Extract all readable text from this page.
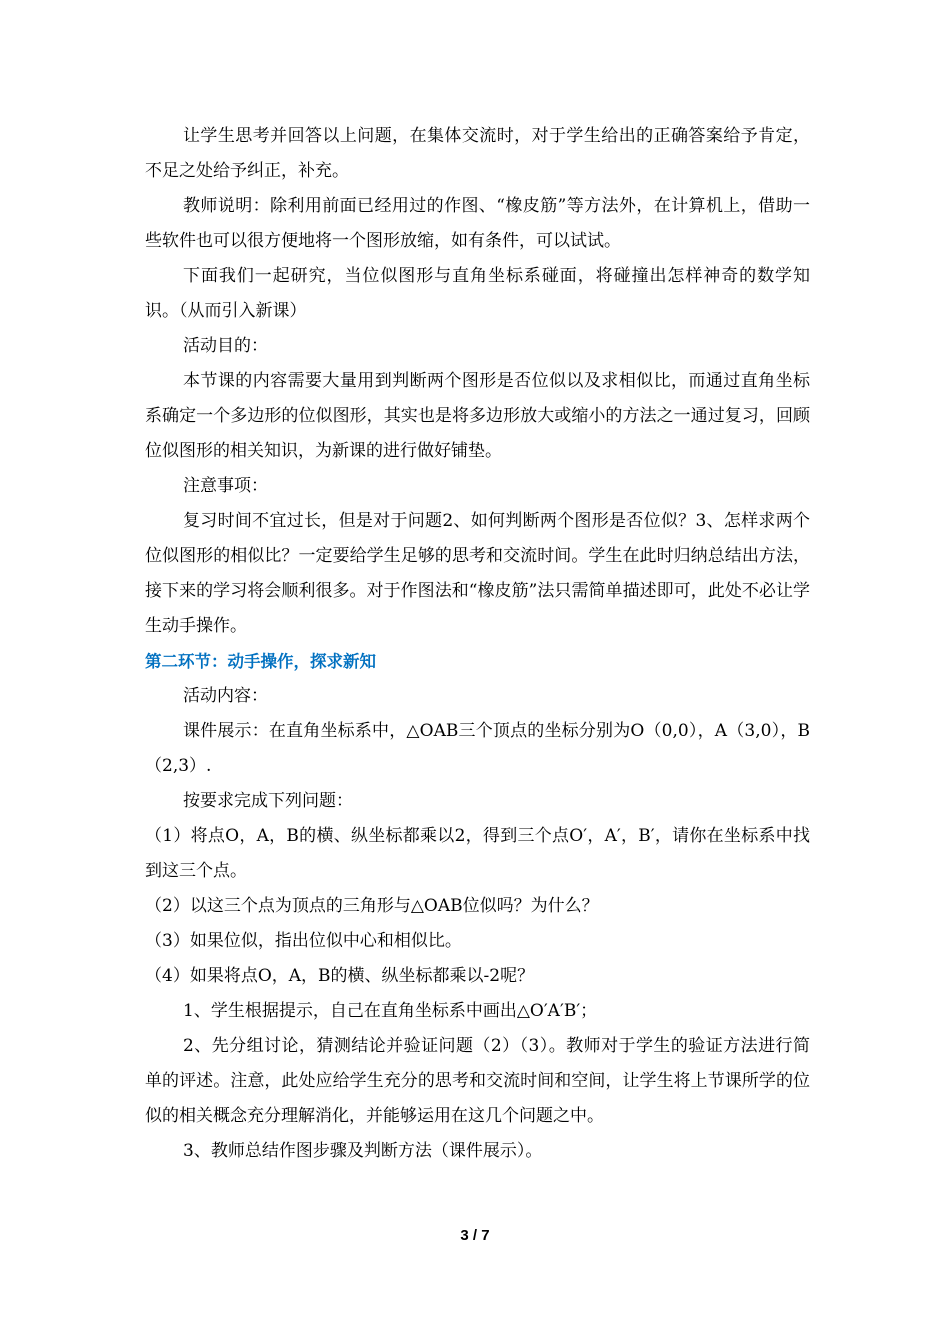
让学生思考并回答以上问题，在集体交流时，对于学生给出的正确答案给予肯定，不足之处给予纠正，补充。

教师说明：除利用前面已经用过的作图、“橡皮筋”等方法外，在计算机上，借助一些软件也可以很方便地将一个图形放缩，如有条件，可以试试。

下面我们一起研究，当位似图形与直角坐标系碰面，将碰撞出怎样神奇的数学知识。（从而引入新课）

活动目的：

本节课的内容需要大量用到判断两个图形是否位似以及求相似比，而通过直角坐标系确定一个多边形的位似图形，其实也是将多边形放大或缩小的方法之一通过复习，回顾位似图形的相关知识，为新课的进行做好铺垫。

注意事项：

复习时间不宜过长，但是对于问题2、如何判断两个图形是否位似？3、怎样求两个位似图形的相似比？一定要给学生足够的思考和交流时间。学生在此时归纳总结出方法，接下来的学习将会顺利很多。对于作图法和“橡皮筋”法只需简单描述即可，此处不必让学生动手操作。

第二环节：动手操作，探求新知

活动内容：

课件展示：在直角坐标系中，△OAB三个顶点的坐标分别为O（0,0），A（3,0），B（2,3）.

按要求完成下列问题：

（1）将点O，A，B的横、纵坐标都乘以2，得到三个点O′，A′，B′，请你在坐标系中找到这三个点。

（2）以这三个点为顶点的三角形与△OAB位似吗？为什么？

（3）如果位似，指出位似中心和相似比。

（4）如果将点O，A，B的横、纵坐标都乘以-2呢？

1、学生根据提示，自己在直角坐标系中画出△O′A′B′；

2、先分组讨论，猜测结论并验证问题（2）（3）。教师对于学生的验证方法进行简单的评述。注意，此处应给学生充分的思考和交流时间和空间，让学生将上节课所学的位似的相关概念充分理解消化，并能够运用在这几个问题之中。

3、教师总结作图步骤及判断方法（课件展示）。

3 / 7
